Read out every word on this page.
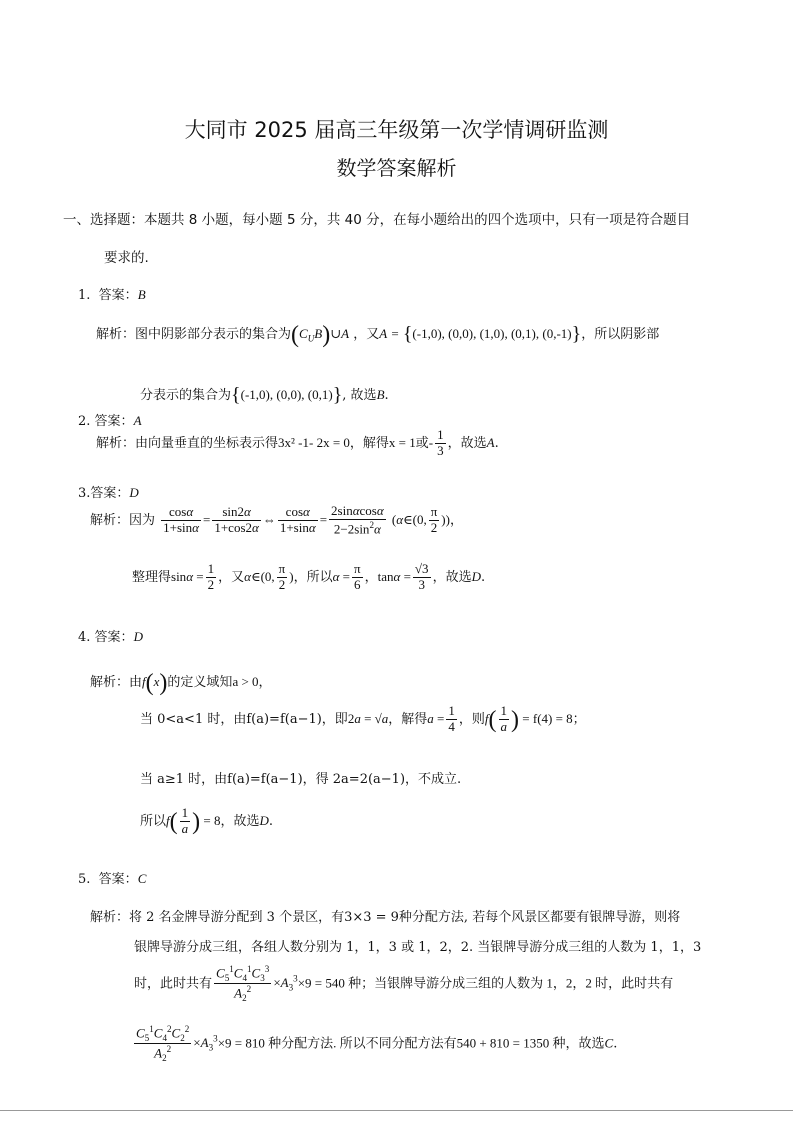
大同市 2025 届高三年级第一次学情调研监测
数学答案解析
一、选择题：本题共 8 小题，每小题 5 分，共 40 分，在每小题给出的四个选项中，只有一项是符合题目
要求的.
1. 答案：B
解析：图中阴影部分表示的集合为$(C_UB)\cup A$ ，又A = {(-1,0), (0,0), (1,0), (0,1), (0,-1)}，所以阴影部
分表示的集合为{(-1,0), (0,0), (0,1)}, 故选B.
2. 答案：A
解析：由向量垂直的坐标表示得3x² -1- 2x = 0，解得x = 1或- $\frac{1}{3}$ ，故选A.
3.答案：D
解析：因为 $\frac{\cos\alpha}{1+\sin\alpha} = \frac{\sin 2\alpha}{1+\cos 2\alpha}$ ⇔ $\frac{\cos\alpha}{1+\sin\alpha} = \frac{2\sin\alpha\cos\alpha}{2-2\sin^2\alpha}$ (α∈(0, $\frac{\pi}{2}$ ))，
整理得$\sin\alpha = \frac{1}{2}$ ，又α∈(0, $\frac{\pi}{2}$ )，所以$\alpha = \frac{\pi}{6}$ ，$\tan\alpha = \frac{√3}{3}$ ，故选D.
4. 答案：D
解析：由f(x)的定义域知a > 0，
当 0<a<1 时，由f(a)=f(a−1)，即2a = √a，解得$a = \frac{1}{4}$ ，则$f( \frac{1}{a}$ ) = f(4) = 8；
当 a≥1 时，由f(a)=f(a−1)，得 2a=2(a−1)，不成立.
所以$f( \frac{1}{a}$ ) = 8，故选D.
5. 答案：C
解析：将 2 名金牌导游分配到 3 个景区，有3×3 = 9种分配方法, 若每个风景区都要有银牌导游，则将
银牌导游分成三组，各组人数分别为 1，1，3 或 1，2，2. 当银牌导游分成三组的人数为 1，1，3
时，此时共有 $\frac{C_5^1C_4^1C_3^3}{A_2^2} \times A_3^3\times 9 = 540$ 种；当银牌导游分成三组的人数为 1，2，2 时，此时共有
$\frac{C_5^1C_4^2C_2^2}{A_2^2} \times A_3^3\times 9 = 810$ 种分配方法. 所以不同分配方法有540 + 810 = 1350 种，故选C.
